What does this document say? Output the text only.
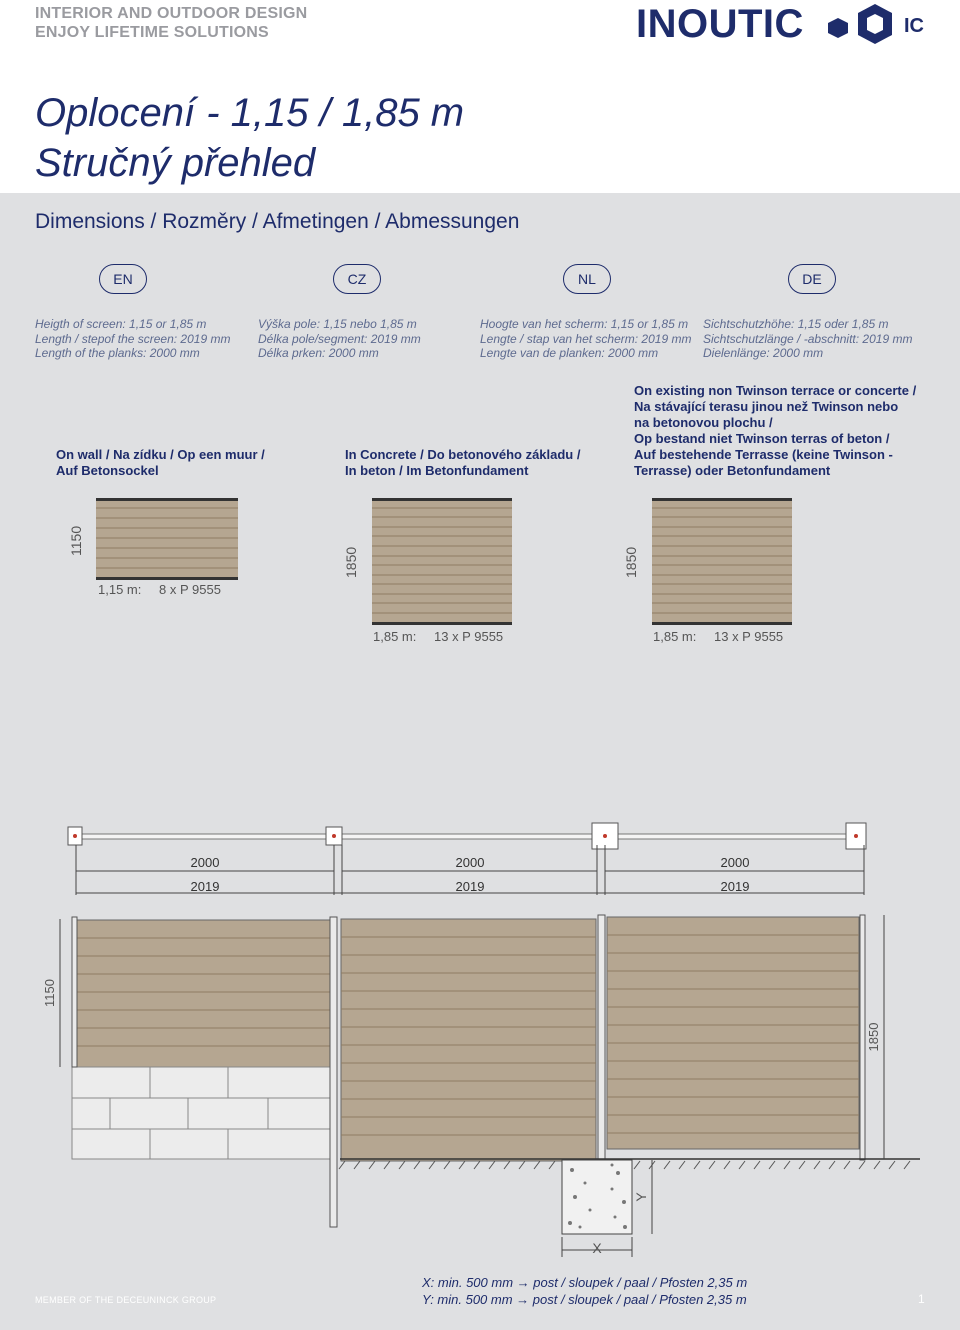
INTERIOR AND OUTDOOR DESIGN
ENJOY LIFETIME SOLUTIONS	INOUTIC	IC
Oplocení - 1,15 / 1,85 m
Stručný přehled
Dimensions / Rozměry / Afmetingen / Abmessungen
EN	CZ	NL	DE
Heigth of screen: 1,15 or 1,85 m
Length / stepof the screen: 2019 mm
Length of the planks: 2000 mm
Výška pole: 1,15 nebo 1,85 m
Délka pole/segment: 2019 mm
Délka prken: 2000 mm
Hoogte van het scherm: 1,15 or 1,85 m
Lengte / stap van het scherm: 2019 mm
Lengte van de planken: 2000 mm
Sichtschutzhöhe: 1,15 oder 1,85 m
Sichtschutzlänge / -abschnitt: 2019 mm
Dielenlänge: 2000 mm
On wall / Na zídku / Op een muur /
Auf Betonsockel
In Concrete / Do betonového základu /
In beton / Im Betonfundament
On existing non Twinson terrace or concerte /
Na stávající terasu jinou než Twinson nebo
na betonovou plochu /
Op bestand niet Twinson terras of beton /
Auf bestehende Terrasse (keine Twinson -
Terrasse) oder Betonfundament
1150
1,15 m: 8 x P 9555
1850
1,85 m: 13 x P 9555
1850
1,85 m: 13 x P 9555
2000	2000	2000
2019	2019	2019
1150
1850
X
Y
MEMBER OF THE DECEUNINCK GROUP
X: min. 500 mm → post / sloupek / paal / Pfosten 2,35 m
Y: min. 500 mm → post / sloupek / paal / Pfosten 2,35 m	1
